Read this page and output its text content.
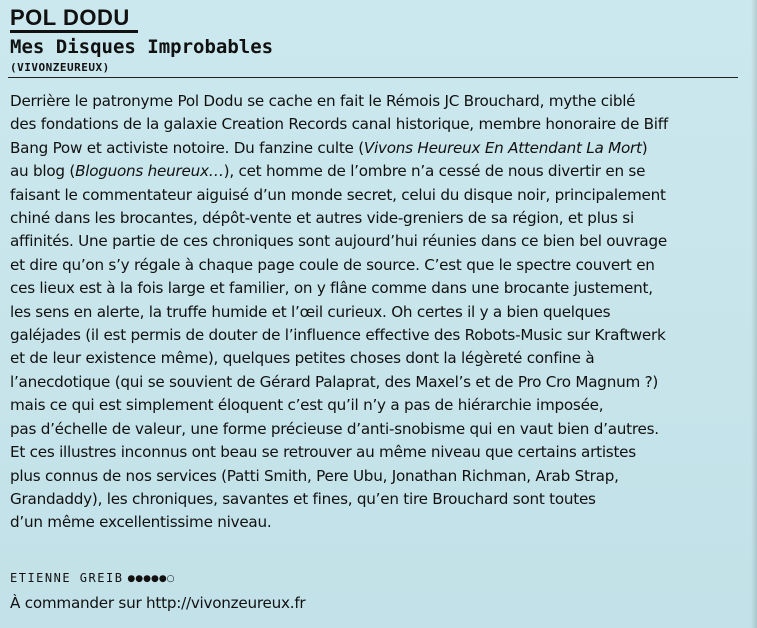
POL DODU
Mes Disques Improbables
(VIVONZEUREUX)
Derrière le patronyme Pol Dodu se cache en fait le Rémois JC Brouchard, mythe ciblé
des fondations de la galaxie Creation Records canal historique, membre honoraire de Biff
Bang Pow et activiste notoire. Du fanzine culte (Vivons Heureux En Attendant La Mort)
au blog (Bloguons heureux…), cet homme de l’ombre n’a cessé de nous divertir en se
faisant le commentateur aiguisé d’un monde secret, celui du disque noir, principalement
chiné dans les brocantes, dépôt-vente et autres vide-greniers de sa région, et plus si
affinités. Une partie de ces chroniques sont aujourd’hui réunies dans ce bien bel ouvrage
et dire qu’on s’y régale à chaque page coule de source. C’est que le spectre couvert en
ces lieux est à la fois large et familier, on y flâne comme dans une brocante justement,
les sens en alerte, la truffe humide et l’œil curieux. Oh certes il y a bien quelques
galéjades (il est permis de douter de l’influence effective des Robots-Music sur Kraftwerk
et de leur existence même), quelques petites choses dont la légèreté confine à
l’anecdotique (qui se souvient de Gérard Palaprat, des Maxel’s et de Pro Cro Magnum ?)
mais ce qui est simplement éloquent c’est qu’il n’y a pas de hiérarchie imposée,
pas d’échelle de valeur, une forme précieuse d’anti-snobisme qui en vaut bien d’autres.
Et ces illustres inconnus ont beau se retrouver au même niveau que certains artistes
plus connus de nos services (Patti Smith, Pere Ubu, Jonathan Richman, Arab Strap,
Grandaddy), les chroniques, savantes et fines, qu’en tire Brouchard sont toutes
d’un même excellentissime niveau.
ETIENNE GREIB ●●●●●○
À commander sur http://vivonzeureux.fr
